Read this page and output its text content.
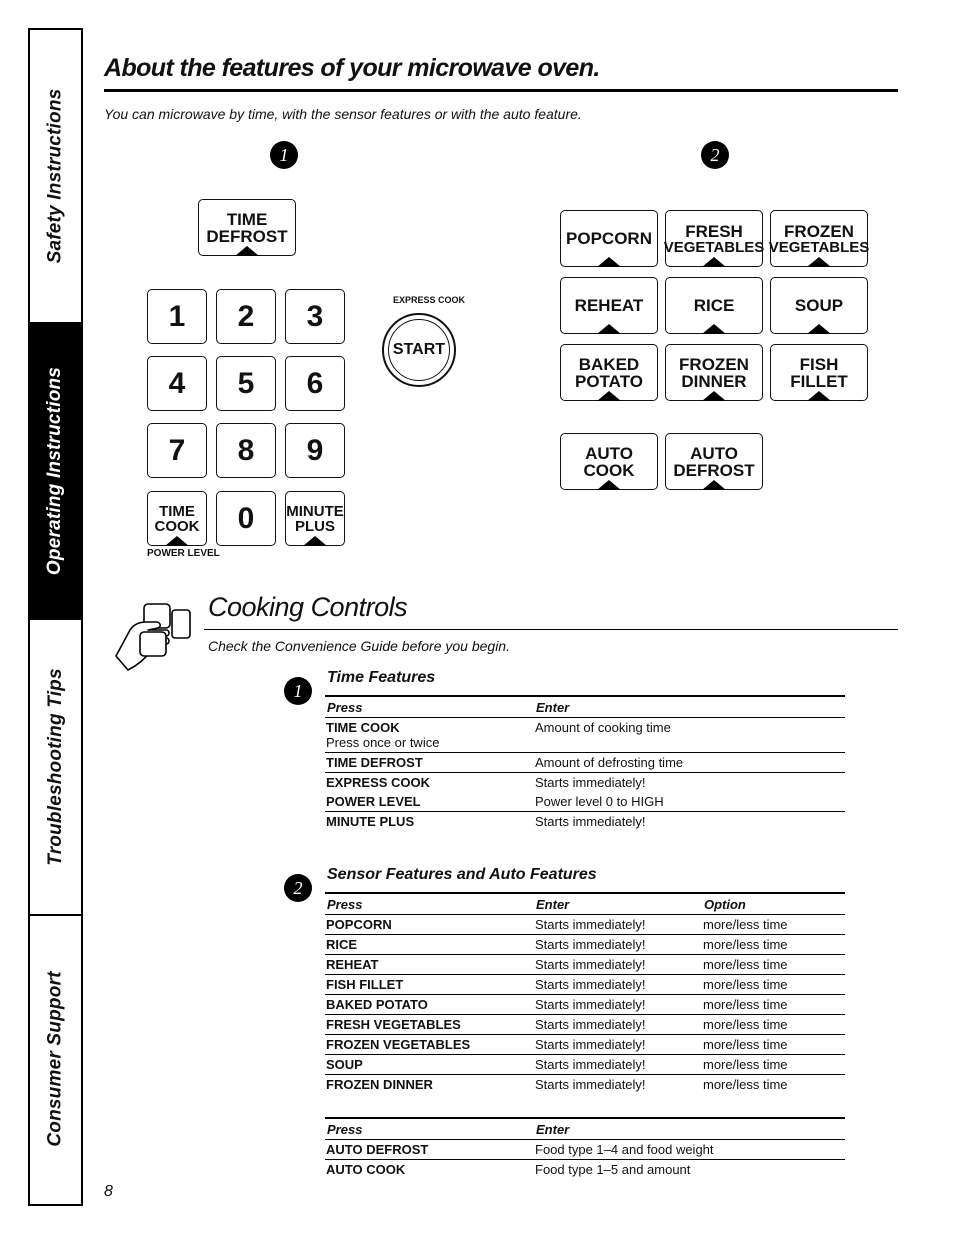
Safety Instructions
Operating Instructions
Troubleshooting Tips
Consumer Support
About the features of your microwave oven.
You can microwave by time, with the sensor features or with the auto feature.
1	2
TIME
DEFROST
1	2	3
4	5	6
7	8	9
TIME
COOK	0	MINUTE
PLUS
POWER LEVEL
EXPRESS COOK
START
POPCORN FRESH
VEGETABLES
FROZEN
VEGETABLES
REHEAT	RICE	SOUP
BAKED
POTATO
FROZEN
DINNER
FISH
FILLET
AUTO
COOK
AUTO
DEFROST
Cooking Controls
Check the Convenience Guide before you begin.
1
Time Features
Press	Enter
TIME COOK
Press once or twice	Amount of cooking time
TIME DEFROST	Amount of defrosting time
EXPRESS COOK	Starts immediately!
POWER LEVEL	Power level 0 to HIGH
MINUTE PLUS	Starts immediately!
2
Sensor Features and Auto Features
Press	Enter	Option
POPCORN	Starts immediately!	more/less time
RICE	Starts immediately!	more/less time
REHEAT	Starts immediately!	more/less time
FISH FILLET	Starts immediately!	more/less time
BAKED POTATO	Starts immediately!	more/less time
FRESH VEGETABLES	Starts immediately!	more/less time
FROZEN VEGETABLES	Starts immediately!	more/less time
SOUP	Starts immediately!	more/less time
FROZEN DINNER	Starts immediately!	more/less time
Press	Enter
AUTO DEFROST	Food type 1–4 and food weight
AUTO COOK	Food type 1–5 and amount
8
